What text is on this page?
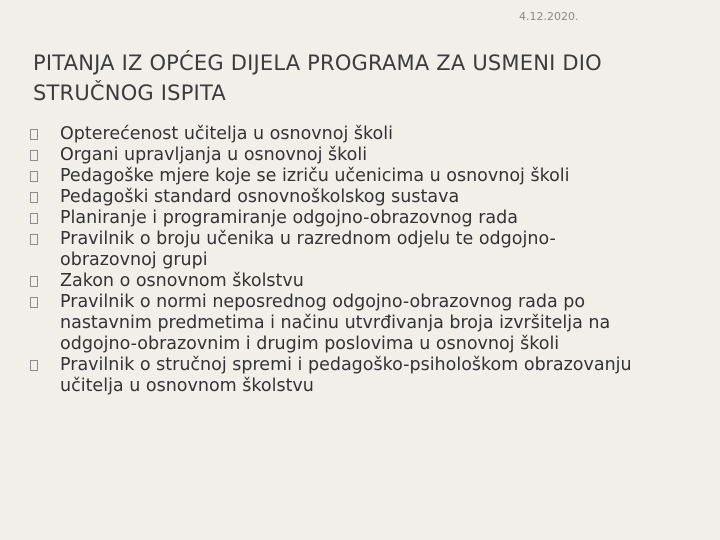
4.12.2020.
PITANJA IZ OPĆEG DIJELA PROGRAMA ZA USMENI DIO
STRUČNOG ISPITA
Opterećenost učitelja u osnovnoj školi
Organi upravljanja u osnovnoj školi
Pedagoške mjere koje se izriču učenicima u osnovnoj školi
Pedagoški standard osnovnoškolskog sustava
Planiranje i programiranje odgojno-obrazovnog rada
Pravilnik o broju učenika u razrednom odjelu te odgojno-
obrazovnoj grupi
Zakon o osnovnom školstvu
Pravilnik o normi neposrednog odgojno-obrazovnog rada po
nastavnim predmetima i načinu utvrđivanja broja izvršitelja na
odgojno-obrazovnim i drugim poslovima u osnovnoj školi
Pravilnik o stručnoj spremi i pedagoško-psihološkom obrazovanju
učitelja u osnovnom školstvu
